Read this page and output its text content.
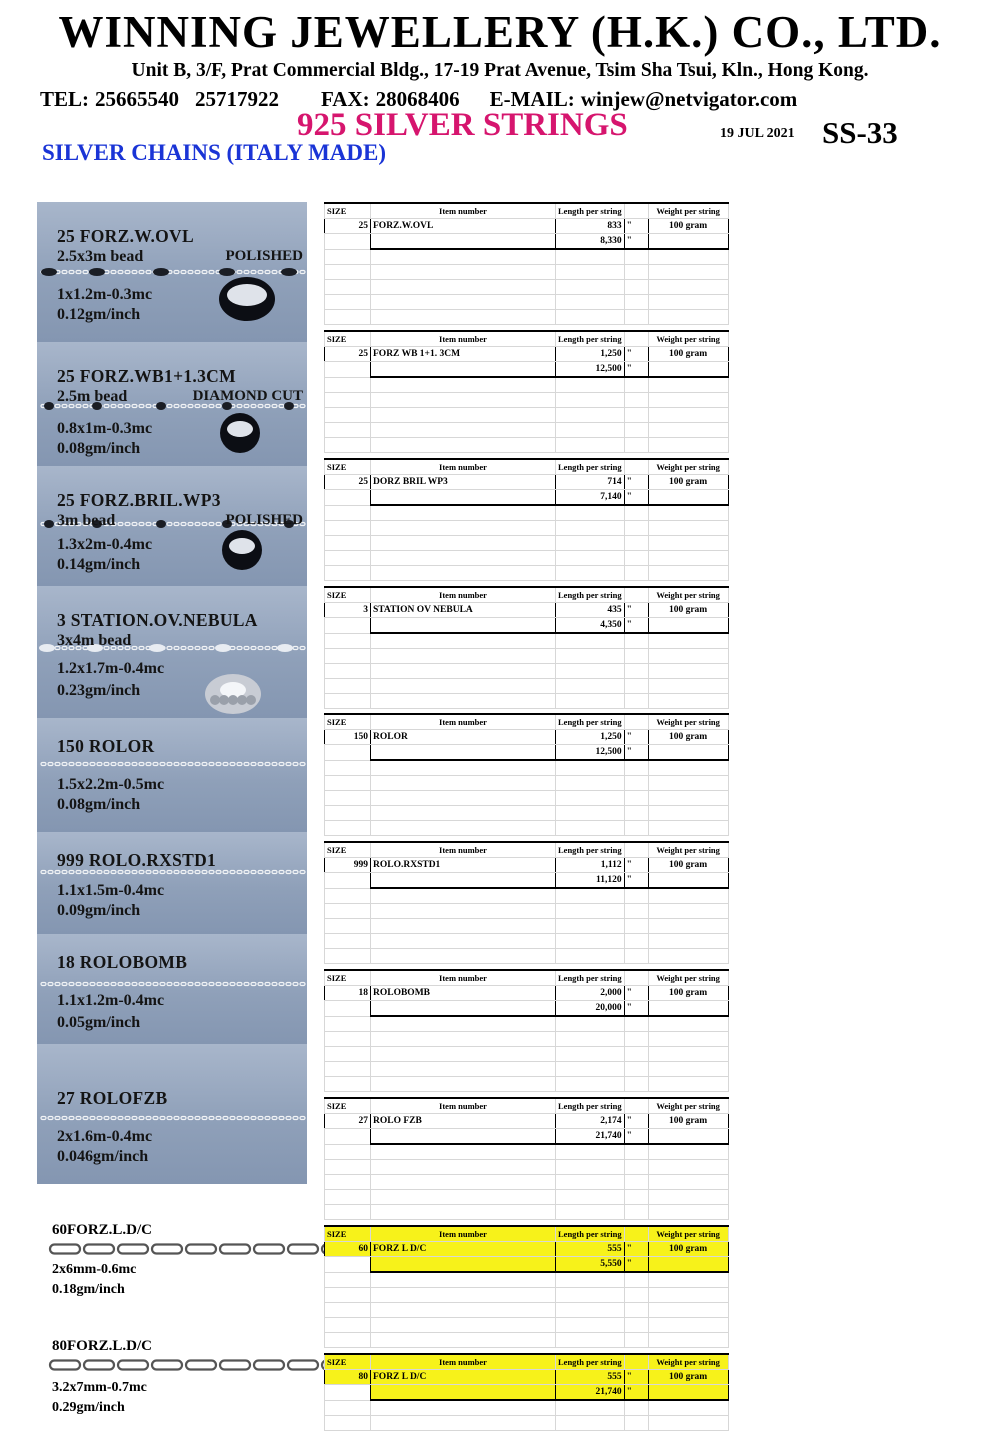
WINNING JEWELLERY (H.K.) CO., LTD.
Unit B, 3/F, Prat Commercial Bldg., 17-19 Prat Avenue, Tsim Sha Tsui, Kln., Hong Kong.
TEL: 25665540 25717922 FAX: 28068406 E-MAIL: winjew@netvigator.com
925 SILVER STRINGS	19 JUL 2021 SS-33
SILVER CHAINS (ITALY MADE)
25 FORZ.W.OVL
2.5x3m bead	POLISHED
1x1.2m-0.3mc
0.12gm/inch
SIZE	Item number	Length per string		Weight per string
25	FORZ.W.OVL	833	"	100 gram
		8,330	"	

25 FORZ.WB1+1.3CM
2.5m bead	DIAMOND CUT
0.8x1m-0.3mc
0.08gm/inch
SIZE	Item number	Length per string		Weight per string
25	FORZ WB 1+1. 3CM	1,250	"	100 gram
		12,500	"	

25 FORZ.BRIL.WP3
3m bead	POLISHED
1.3x2m-0.4mc
0.14gm/inch
SIZE	Item number	Length per string		Weight per string
25	DORZ BRIL WP3	714	"	100 gram
		7,140	"	

3 STATION.OV.NEBULA
3x4m bead
1.2x1.7m-0.4mc
0.23gm/inch
SIZE	Item number	Length per string		Weight per string
3	STATION OV NEBULA	435	"	100 gram
		4,350	"	

150 ROLOR
1.5x2.2m-0.5mc
0.08gm/inch
SIZE	Item number	Length per string		Weight per string
150	ROLOR	1,250	"	100 gram
		12,500	"	

999 ROLO.RXSTD1
1.1x1.5m-0.4mc
0.09gm/inch
SIZE	Item number	Length per string		Weight per string
999	ROLO.RXSTD1	1,112	"	100 gram
		11,120	"	

18 ROLOBOMB
1.1x1.2m-0.4mc
0.05gm/inch
SIZE	Item number	Length per string		Weight per string
18	ROLOBOMB	2,000	"	100 gram
		20,000	"	

27 ROLOFZB
2x1.6m-0.4mc
0.046gm/inch
SIZE	Item number	Length per string		Weight per string
27	ROLO FZB	2,174	"	100 gram
		21,740	"	

60FORZ.L.D/C
2x6mm-0.6mc
0.18gm/inch
SIZE	Item number	Length per string		Weight per string
60	FORZ L D/C	555	"	100 gram
		5,550	"	

80FORZ.L.D/C
3.2x7mm-0.7mc
0.29gm/inch
SIZE	Item number	Length per string		Weight per string
80	FORZ L D/C	555	"	100 gram
		21,740	"	
